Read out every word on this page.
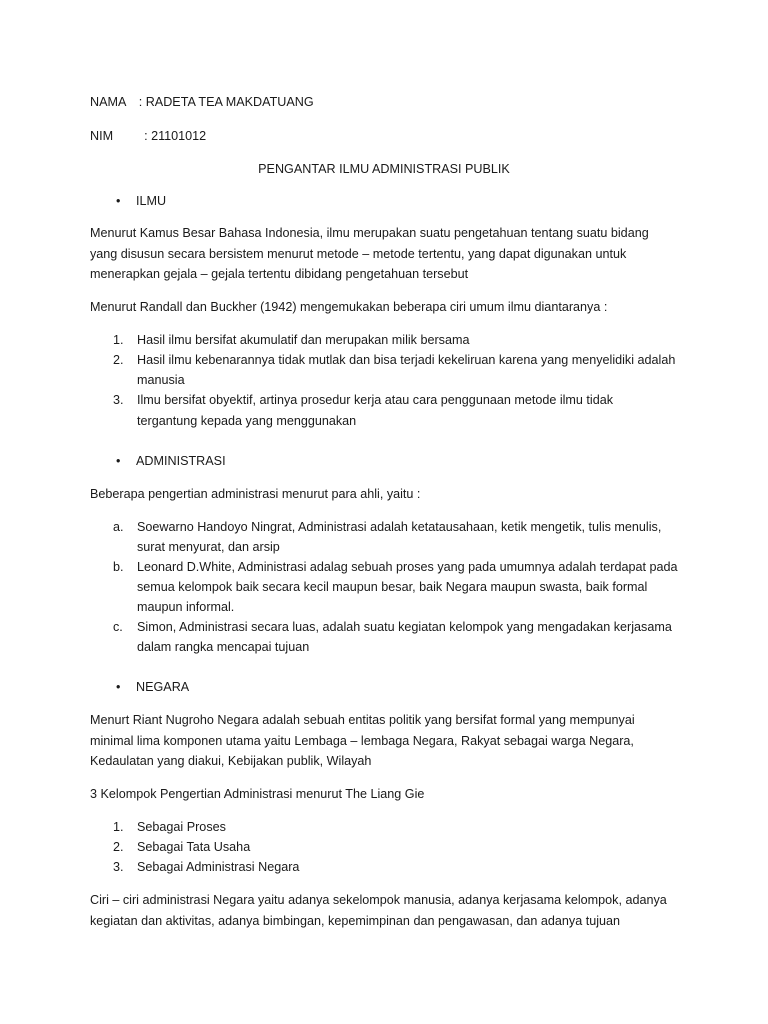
NAMA : RADETA TEA MAKDATUANG
NIM : 21101012
PENGANTAR ILMU ADMINISTRASI PUBLIK
• ILMU
Menurut Kamus Besar Bahasa Indonesia, ilmu merupakan suatu pengetahuan tentang suatu bidang
yang disusun secara bersistem menurut metode – metode tertentu, yang dapat digunakan untuk
menerapkan gejala – gejala tertentu dibidang pengetahuan tersebut
Menurut Randall dan Buckher (1942) mengemukakan beberapa ciri umum ilmu diantaranya :
1. Hasil ilmu bersifat akumulatif dan merupakan milik bersama
2. Hasil ilmu kebenarannya tidak mutlak dan bisa terjadi kekeliruan karena yang menyelidiki adalah
manusia
3. Ilmu bersifat obyektif, artinya prosedur kerja atau cara penggunaan metode ilmu tidak
tergantung kepada yang menggunakan
• ADMINISTRASI
Beberapa pengertian administrasi menurut para ahli, yaitu :
a. Soewarno Handoyo Ningrat, Administrasi adalah ketatausahaan, ketik mengetik, tulis menulis,
surat menyurat, dan arsip
b. Leonard D.White, Administrasi adalag sebuah proses yang pada umumnya adalah terdapat pada
semua kelompok baik secara kecil maupun besar, baik Negara maupun swasta, baik formal
maupun informal.
c. Simon, Administrasi secara luas, adalah suatu kegiatan kelompok yang mengadakan kerjasama
dalam rangka mencapai tujuan
• NEGARA
Menurt Riant Nugroho Negara adalah sebuah entitas politik yang bersifat formal yang mempunyai
minimal lima komponen utama yaitu Lembaga – lembaga Negara, Rakyat sebagai warga Negara,
Kedaulatan yang diakui, Kebijakan publik, Wilayah
3 Kelompok Pengertian Administrasi menurut The Liang Gie
1. Sebagai Proses
2. Sebagai Tata Usaha
3. Sebagai Administrasi Negara
Ciri – ciri administrasi Negara yaitu adanya sekelompok manusia, adanya kerjasama kelompok, adanya
kegiatan dan aktivitas, adanya bimbingan, kepemimpinan dan pengawasan, dan adanya tujuan
